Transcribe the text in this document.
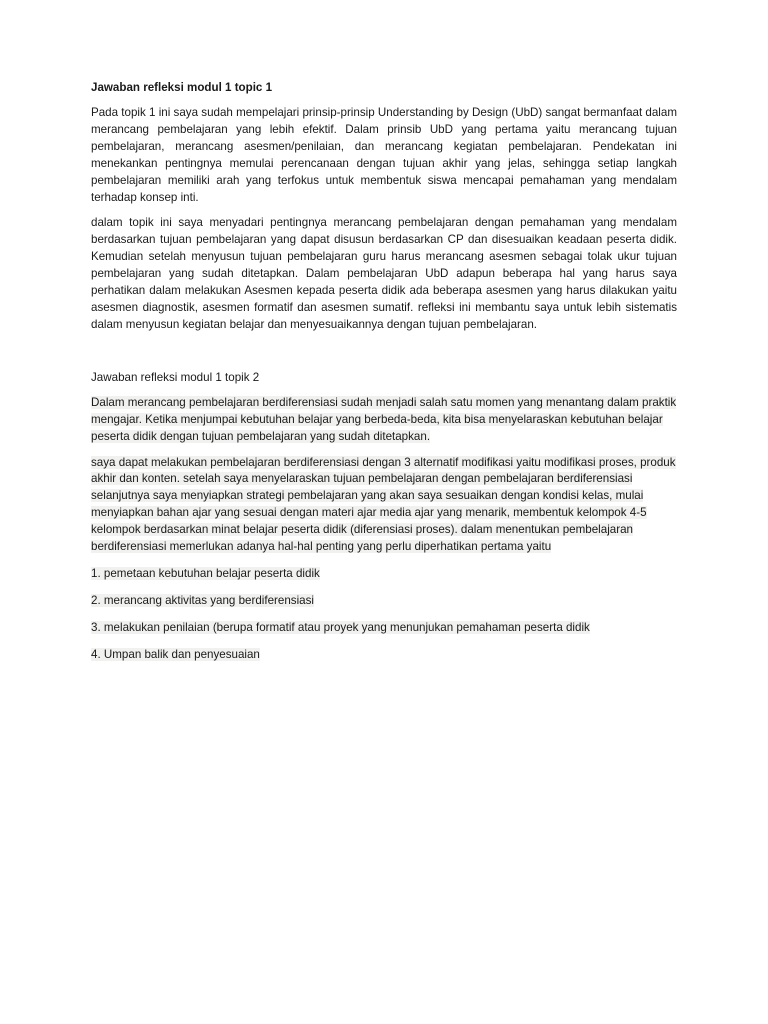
Jawaban refleksi modul 1 topic 1

Pada topik 1 ini saya sudah mempelajari prinsip-prinsip Understanding by Design (UbD) sangat bermanfaat dalam merancang pembelajaran yang lebih efektif. Dalam prinsib UbD yang pertama yaitu merancang tujuan pembelajaran, merancang asesmen/penilaian, dan merancang kegiatan pembelajaran. Pendekatan ini menekankan pentingnya memulai perencanaan dengan tujuan akhir yang jelas, sehingga setiap langkah pembelajaran memiliki arah yang terfokus untuk membentuk siswa mencapai pemahaman yang mendalam terhadap konsep inti.

dalam topik ini saya menyadari pentingnya merancang pembelajaran dengan pemahaman yang mendalam berdasarkan tujuan pembelajaran yang dapat disusun berdasarkan CP dan disesuaikan keadaan peserta didik. Kemudian setelah menyusun tujuan pembelajaran guru harus merancang asesmen sebagai tolak ukur tujuan pembelajaran yang sudah ditetapkan. Dalam pembelajaran UbD adapun beberapa hal yang harus saya perhatikan dalam melakukan Asesmen kepada peserta didik ada beberapa asesmen yang harus dilakukan yaitu asesmen diagnostik, asesmen formatif dan asesmen sumatif. refleksi ini membantu saya untuk lebih sistematis dalam menyusun kegiatan belajar dan menyesuaikannya dengan tujuan pembelajaran.

Jawaban refleksi modul 1 topik 2

Dalam merancang pembelajaran berdiferensiasi sudah menjadi salah satu momen yang menantang dalam praktik mengajar. Ketika menjumpai kebutuhan belajar yang berbeda-beda, kita bisa menyelaraskan kebutuhan belajar peserta didik dengan tujuan pembelajaran yang sudah ditetapkan.

saya dapat melakukan pembelajaran berdiferensiasi dengan 3 alternatif modifikasi yaitu modifikasi proses, produk akhir dan konten. setelah saya menyelaraskan tujuan pembelajaran dengan pembelajaran berdiferensiasi selanjutnya saya menyiapkan strategi pembelajaran yang akan saya sesuaikan dengan kondisi kelas, mulai menyiapkan bahan ajar yang sesuai dengan materi ajar media ajar yang menarik, membentuk kelompok 4-5 kelompok berdasarkan minat belajar peserta didik (diferensiasi proses). dalam menentukan pembelajaran berdiferensiasi memerlukan adanya hal-hal penting yang perlu diperhatikan pertama yaitu

1. pemetaan kebutuhan belajar peserta didik
2. merancang aktivitas yang berdiferensiasi
3. melakukan penilaian (berupa formatif atau proyek yang menunjukan pemahaman peserta didik
4. Umpan balik dan penyesuaian
